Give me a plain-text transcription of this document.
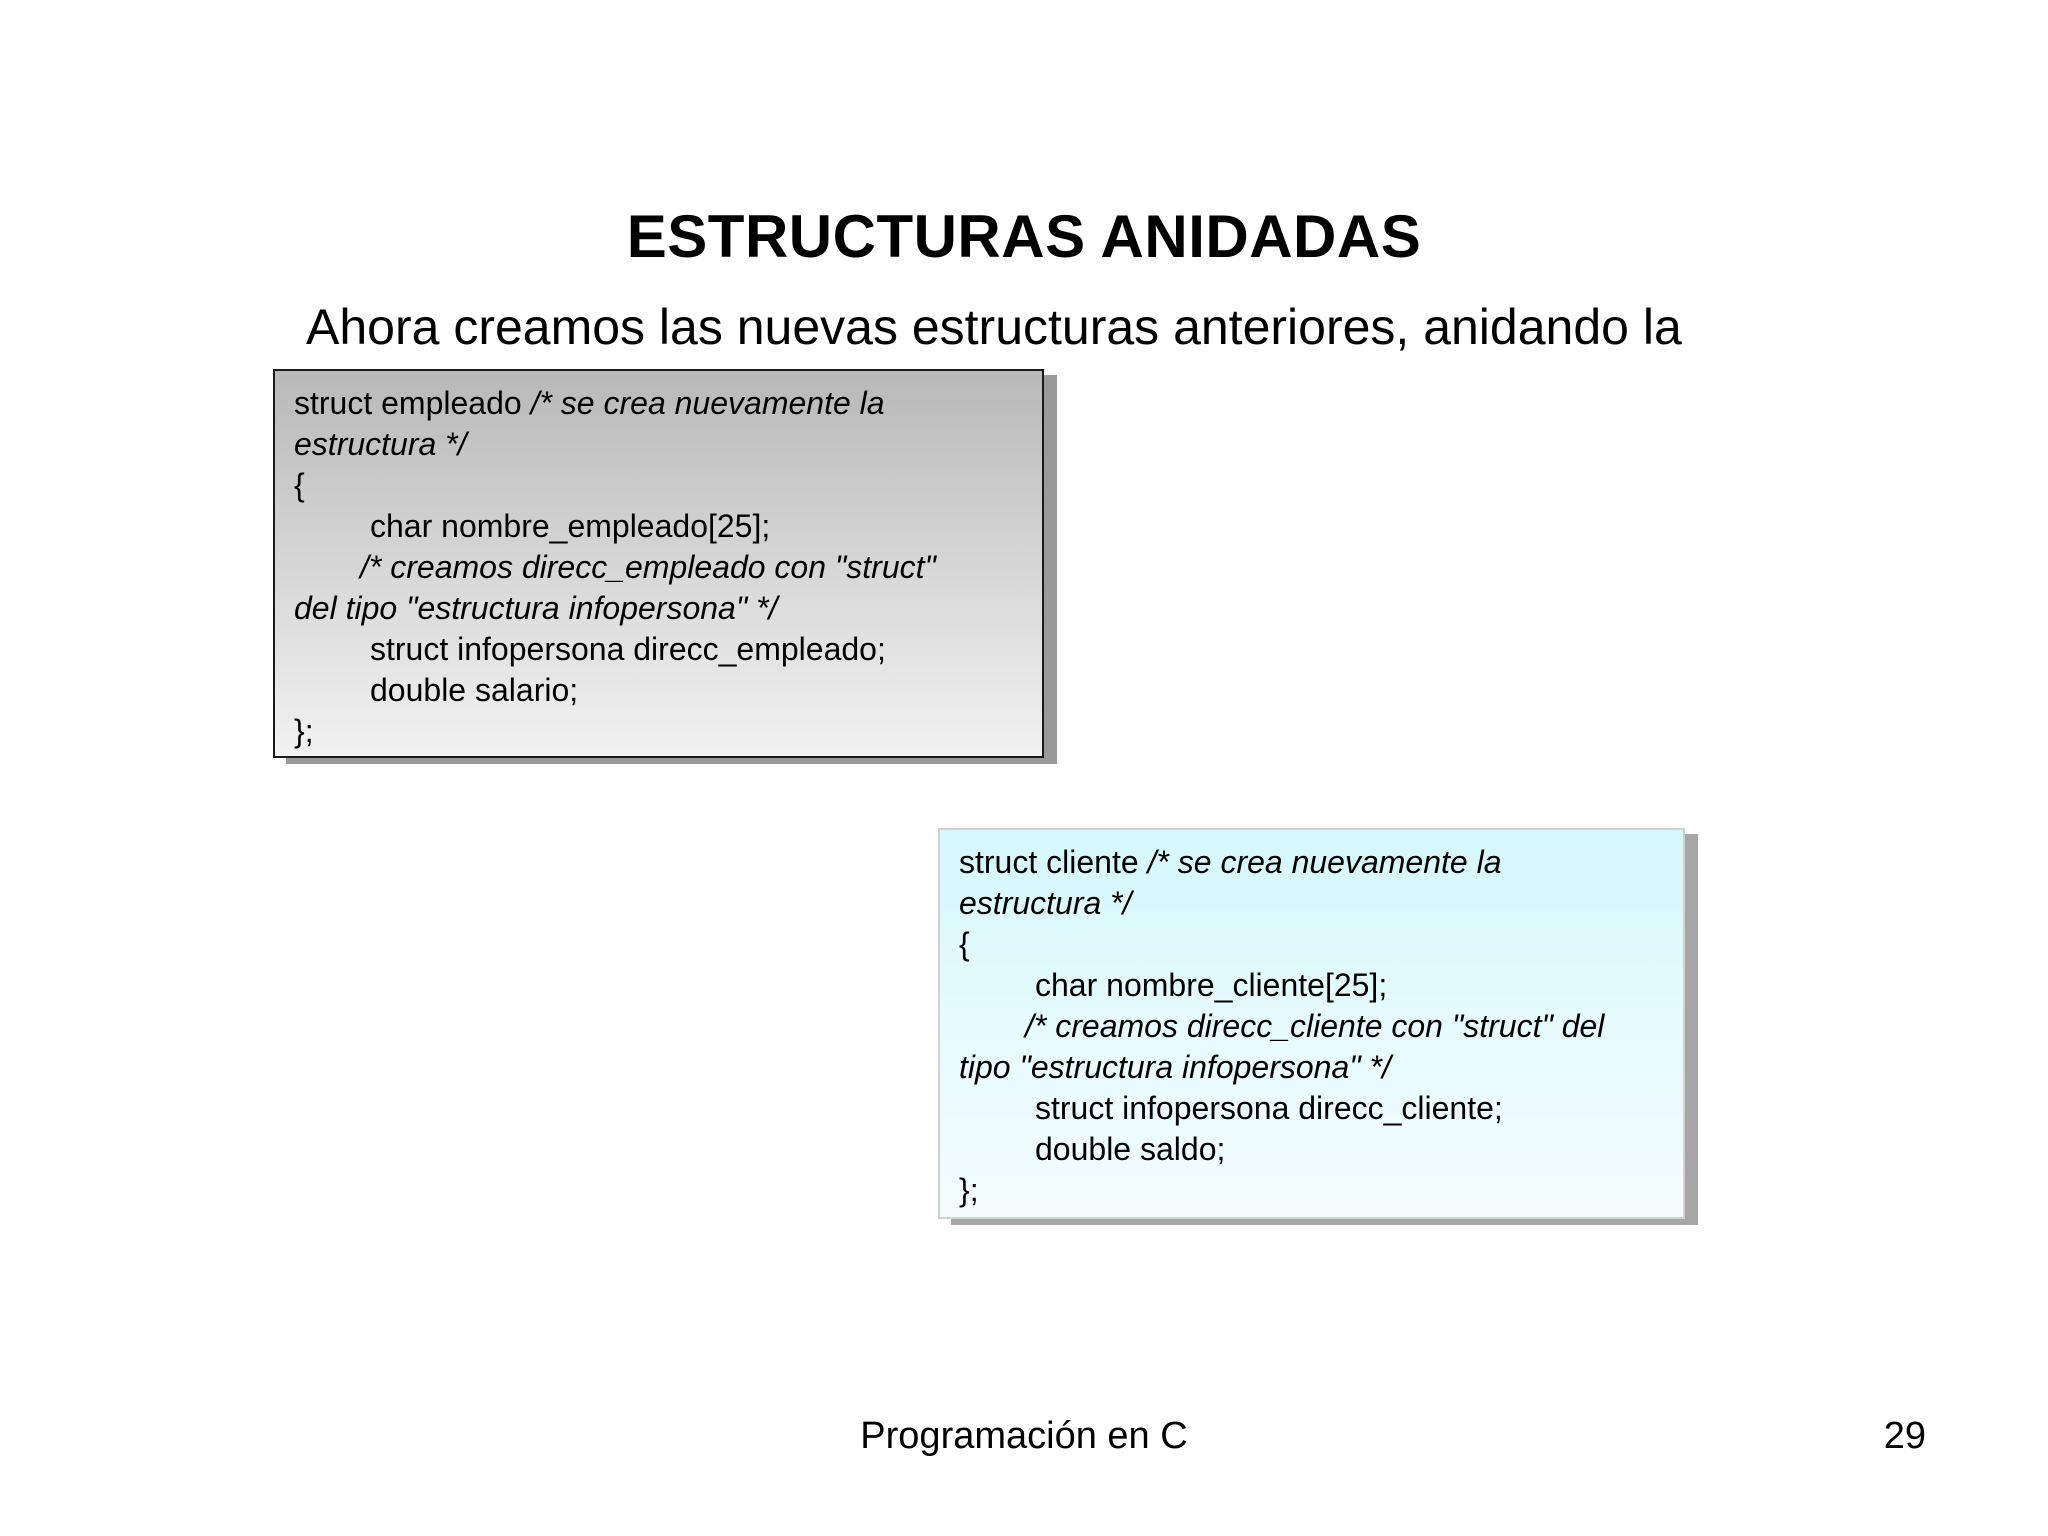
ESTRUCTURAS ANIDADAS
Ahora creamos las nuevas estructuras anteriores, anidando la
struct empleado /* se crea nuevamente la
estructura */
{
char nombre_empleado[25];
/* creamos direcc_empleado con "struct"
del tipo "estructura infopersona" */
struct infopersona direcc_empleado;
double salario;
};
struct cliente /* se crea nuevamente la
estructura */
{
char nombre_cliente[25];
/* creamos direcc_cliente con "struct" del
tipo "estructura infopersona" */
struct infopersona direcc_cliente;
double saldo;
};
Programación en C	29
